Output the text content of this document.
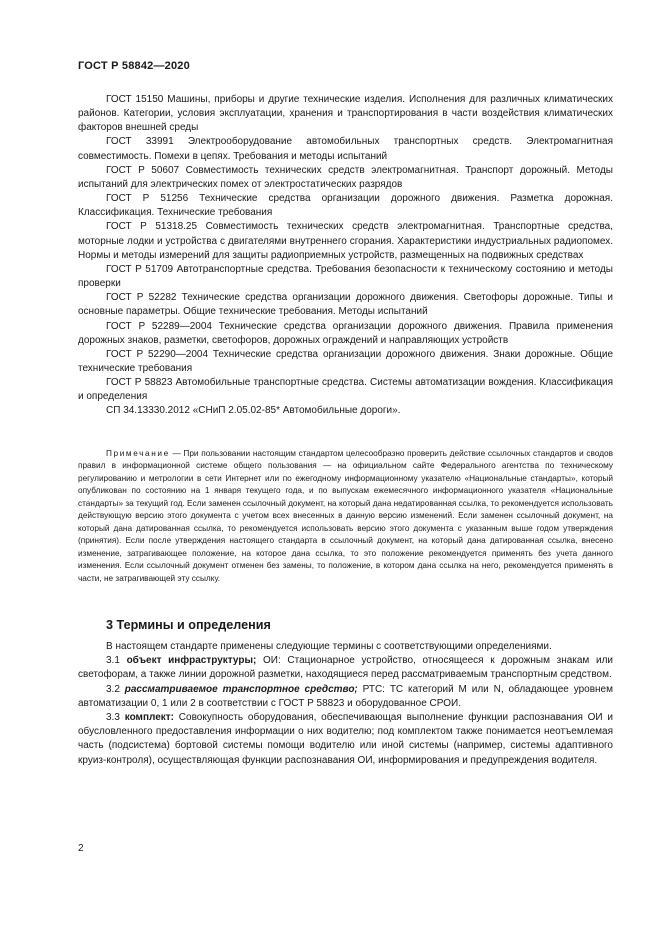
ГОСТ Р 58842—2020

ГОСТ 15150 Машины, приборы и другие технические изделия. Исполнения для различных климатических районов. Категории, условия эксплуатации, хранения и транспортирования в части воздействия климатических факторов внешней среды

ГОСТ 33991 Электрооборудование автомобильных транспортных средств. Электромагнитная совместимость. Помехи в цепях. Требования и методы испытаний

ГОСТ Р 50607 Совместимость технических средств электромагнитная. Транспорт дорожный. Методы испытаний для электрических помех от электростатических разрядов

ГОСТ Р 51256 Технические средства организации дорожного движения. Разметка дорожная. Классификация. Технические требования

ГОСТ Р 51318.25 Совместимость технических средств электромагнитная. Транспортные средства, моторные лодки и устройства с двигателями внутреннего сгорания. Характеристики индустриальных радиопомех. Нормы и методы измерений для защиты радиоприемных устройств, размещенных на подвижных средствах

ГОСТ Р 51709 Автотранспортные средства. Требования безопасности к техническому состоянию и методы проверки

ГОСТ Р 52282 Технические средства организации дорожного движения. Светофоры дорожные. Типы и основные параметры. Общие технические требования. Методы испытаний

ГОСТ Р 52289—2004 Технические средства организации дорожного движения. Правила применения дорожных знаков, разметки, светофоров, дорожных ограждений и направляющих устройств

ГОСТ Р 52290—2004 Технические средства организации дорожного движения. Знаки дорожные. Общие технические требования

ГОСТ Р 58823 Автомобильные транспортные средства. Системы автоматизации вождения. Классификация и определения

СП 34.13330.2012 «СНиП 2.05.02-85* Автомобильные дороги».

Примечание — При пользовании настоящим стандартом целесообразно проверить действие ссылочных стандартов и сводов правил в информационной системе общего пользования — на официальном сайте Федерального агентства по техническому регулированию и метрологии в сети Интернет или по ежегодному информационному указателю «Национальные стандарты», который опубликован по состоянию на 1 января текущего года, и по выпускам ежемесячного информационного указателя «Национальные стандарты» за текущий год. Если заменен ссылочный документ, на который дана недатированная ссылка, то рекомендуется использовать действующую версию этого документа с учетом всех внесенных в данную версию изменений. Если заменен ссылочный документ, на который дана датированная ссылка, то рекомендуется использовать версию этого документа с указанным выше годом утверждения (принятия). Если после утверждения настоящего стандарта в ссылочный документ, на который дана датированная ссылка, внесено изменение, затрагивающее положение, на которое дана ссылка, то это положение рекомендуется применять без учета данного изменения. Если ссылочный документ отменен без замены, то положение, в котором дана ссылка на него, рекомендуется применять в части, не затрагивающей эту ссылку.

3 Термины и определения

В настоящем стандарте применены следующие термины с соответствующими определениями.

3.1 объект инфраструктуры; ОИ: Стационарное устройство, относящееся к дорожным знакам или светофорам, а также линии дорожной разметки, находящиеся перед рассматриваемым транспортным средством.

3.2 рассматриваемое транспортное средство; РТС: ТС категорий M или N, обладающее уровнем автоматизации 0, 1 или 2 в соответствии с ГОСТ Р 58823 и оборудованное СРОИ.

3.3 комплект: Совокупность оборудования, обеспечивающая выполнение функции распознавания ОИ и обусловленного предоставления информации о них водителю; под комплектом также понимается неотъемлемая часть (подсистема) бортовой системы помощи водителю или иной системы (например, системы адаптивного круиз-контроля), осуществляющая функции распознавания ОИ, информирования и предупреждения водителя.

2
